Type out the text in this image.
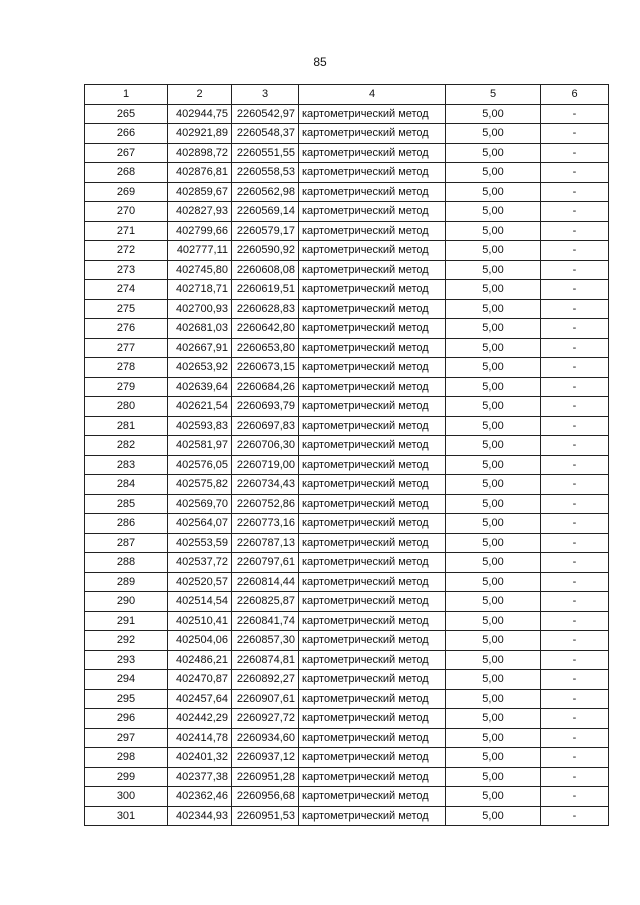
85
1	2	3	4	5	6
265	402944,75	2260542,97	картометрический метод	5,00	-
266	402921,89	2260548,37	картометрический метод	5,00	-
267	402898,72	2260551,55	картометрический метод	5,00	-
268	402876,81	2260558,53	картометрический метод	5,00	-
269	402859,67	2260562,98	картометрический метод	5,00	-
270	402827,93	2260569,14	картометрический метод	5,00	-
271	402799,66	2260579,17	картометрический метод	5,00	-
272	402777,11	2260590,92	картометрический метод	5,00	-
273	402745,80	2260608,08	картометрический метод	5,00	-
274	402718,71	2260619,51	картометрический метод	5,00	-
275	402700,93	2260628,83	картометрический метод	5,00	-
276	402681,03	2260642,80	картометрический метод	5,00	-
277	402667,91	2260653,80	картометрический метод	5,00	-
278	402653,92	2260673,15	картометрический метод	5,00	-
279	402639,64	2260684,26	картометрический метод	5,00	-
280	402621,54	2260693,79	картометрический метод	5,00	-
281	402593,83	2260697,83	картометрический метод	5,00	-
282	402581,97	2260706,30	картометрический метод	5,00	-
283	402576,05	2260719,00	картометрический метод	5,00	-
284	402575,82	2260734,43	картометрический метод	5,00	-
285	402569,70	2260752,86	картометрический метод	5,00	-
286	402564,07	2260773,16	картометрический метод	5,00	-
287	402553,59	2260787,13	картометрический метод	5,00	-
288	402537,72	2260797,61	картометрический метод	5,00	-
289	402520,57	2260814,44	картометрический метод	5,00	-
290	402514,54	2260825,87	картометрический метод	5,00	-
291	402510,41	2260841,74	картометрический метод	5,00	-
292	402504,06	2260857,30	картометрический метод	5,00	-
293	402486,21	2260874,81	картометрический метод	5,00	-
294	402470,87	2260892,27	картометрический метод	5,00	-
295	402457,64	2260907,61	картометрический метод	5,00	-
296	402442,29	2260927,72	картометрический метод	5,00	-
297	402414,78	2260934,60	картометрический метод	5,00	-
298	402401,32	2260937,12	картометрический метод	5,00	-
299	402377,38	2260951,28	картометрический метод	5,00	-
300	402362,46	2260956,68	картометрический метод	5,00	-
301	402344,93	2260951,53	картометрический метод	5,00	-
